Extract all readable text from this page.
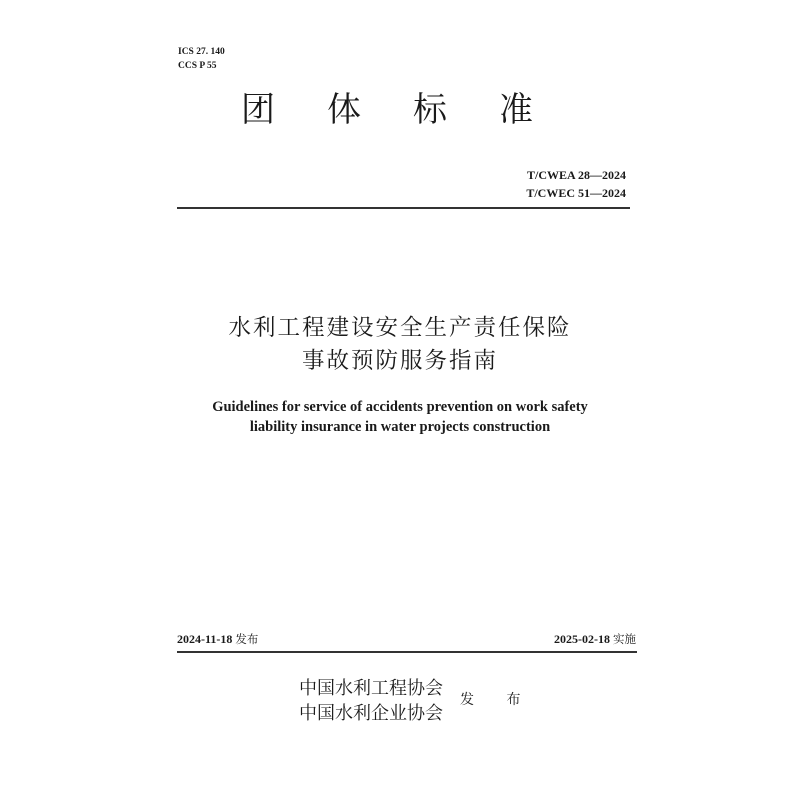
ICS 27. 140
CCS P 55
团体标准
T/CWEA 28—2024
T/CWEC 51—2024
水利工程建设安全生产责任保险
事故预防服务指南
Guidelines for service of accidents prevention on work safety
liability insurance in water projects construction
2024-11-18 发布	2025-02-18 实施
中国水利工程协会
中国水利企业协会
发 布
